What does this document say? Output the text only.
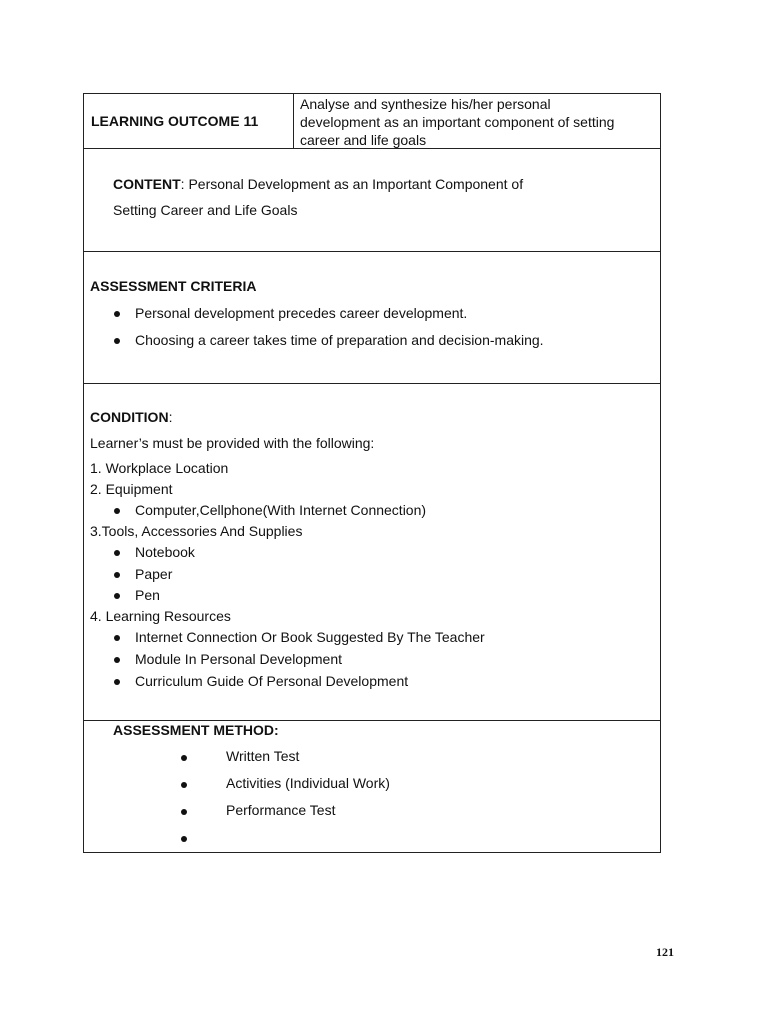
LEARNING OUTCOME 11
Analyse and synthesize his/her personal
development as an important component of setting
career and life goals
CONTENT: Personal Development as an Important Component of
Setting Career and Life Goals
ASSESSMENT CRITERIA
Personal development precedes career development.
Choosing a career takes time of preparation and decision-making.
CONDITION:
Learner’s must be provided with the following:
1. Workplace Location
2. Equipment
Computer,Cellphone(With Internet Connection)
3.Tools, Accessories And Supplies
Notebook
Paper
Pen
4. Learning Resources
Internet Connection Or Book Suggested By The Teacher
Module In Personal Development
Curriculum Guide Of Personal Development
ASSESSMENT METHOD:
Written Test
Activities (Individual Work)
Performance Test
121
